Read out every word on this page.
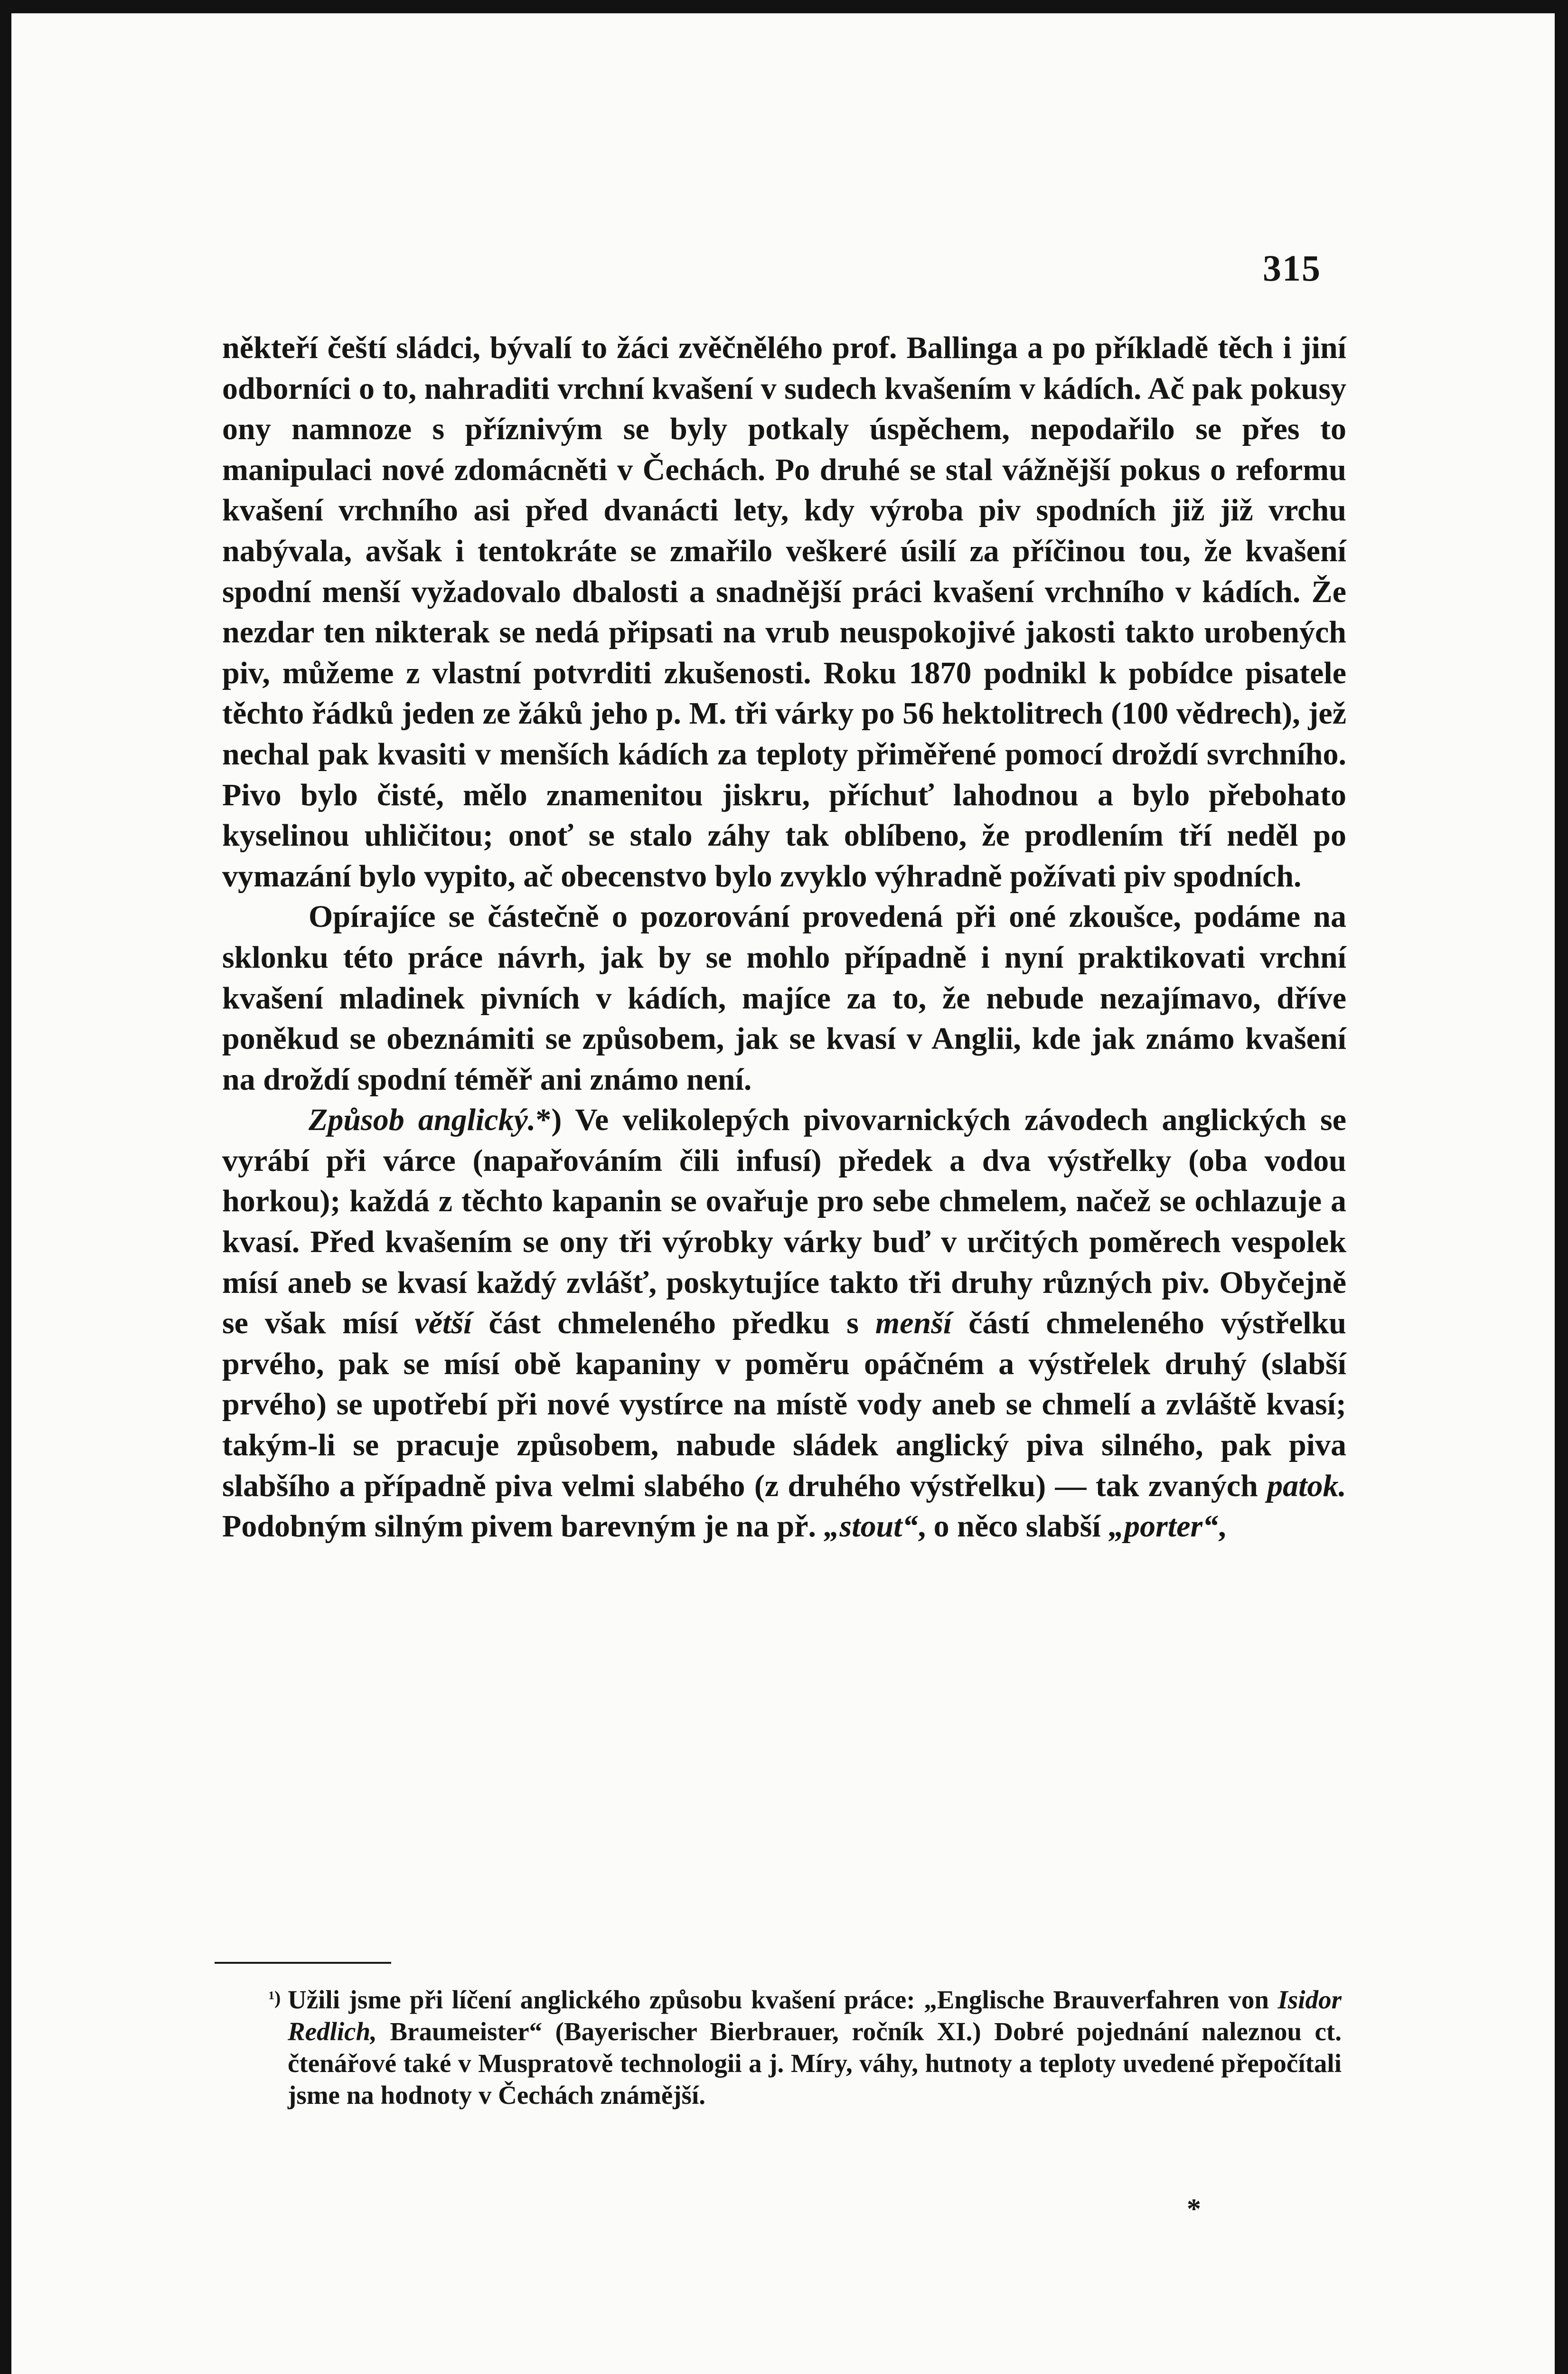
315

někteří čeští sládci, bývalí to žáci zvěčnělého prof. Ballinga a po příkladě těch i jiní odborníci o to, nahraditi vrchní kvašení v sudech kvašením v kádích. Ač pak pokusy ony namnoze s příznivým se byly potkaly úspěchem, nepodařilo se přes to manipulaci nové zdomácněti v Čechách. Po druhé se stal vážnější pokus o reformu kvašení vrchního asi před dvanácti lety, kdy výroba piv spodních již již vrchu nabývala, avšak i tentokráte se zmařilo veškeré úsilí za příčinou tou, že kvašení spodní menší vyžadovalo dbalosti a snadnější práci kvašení vrchního v kádích. Že nezdar ten nikterak se nedá připsati na vrub neuspokojivé jakosti takto urobených piv, můžeme z vlastní potvrditi zkušenosti. Roku 1870 podnikl k pobídce pisatele těchto řádků jeden ze žáků jeho p. M. tři várky po 56 hektolitrech (100 vědrech), jež nechal pak kvasiti v menších kádích za teploty přiměřené pomocí droždí svrchního. Pivo bylo čisté, mělo znamenitou jiskru, příchuť lahodnou a bylo přebohato kyselinou uhličitou; onoť se stalo záhy tak oblíbeno, že prodlením tří neděl po vymazání bylo vypito, ač obecenstvo bylo zvyklo výhradně požívati piv spodních.

Opírajíce se částečně o pozorování provedená při oné zkoušce, podáme na sklonku této práce návrh, jak by se mohlo případně i nyní praktikovati vrchní kvašení mladinek pivních v kádích, majíce za to, že nebude nezajímavo, dříve poněkud se obeznámiti se způsobem, jak se kvasí v Anglii, kde jak známo kvašení na droždí spodní téměř ani známo není.

Způsob anglický.*) Ve velikolepých pivovarnických závodech anglických se vyrábí při várce (napařováním čili infusí) předek a dva výstřelky (oba vodou horkou); každá z těchto kapanin se ovařuje pro sebe chmelem, načež se ochlazuje a kvasí. Před kvašením se ony tři výrobky várky buď v určitých poměrech vespolek mísí aneb se kvasí každý zvlášť, poskytujíce takto tři druhy různých piv. Obyčejně se však mísí větší část chmeleného předku s menší částí chmeleného výstřelku prvého, pak se mísí obě kapaniny v poměru opáčném a výstřelek druhý (slabší prvého) se upotřebí při nové vystírce na místě vody aneb se chmelí a zvláště kvasí; takým-li se pracuje způsobem, nabude sládek anglický piva silného, pak piva slabšího a případně piva velmi slabého (z druhého výstřelku) — tak zvaných patok. Podobným silným pivem barevným je na př. „stout“, o něco slabší „porter“,

¹) Užili jsme při líčení anglického způsobu kvašení práce: „Englische Brauverfahren von Isidor Redlich, Braumeister“ (Bayerischer Bierbrauer, ročník XI.) Dobré pojednání naleznou ct. čtenářové také v Muspratově technologii a j. Míry, váhy, hutnoty a teploty uvedené přepočítali jsme na hodnoty v Čechách známější.

*
